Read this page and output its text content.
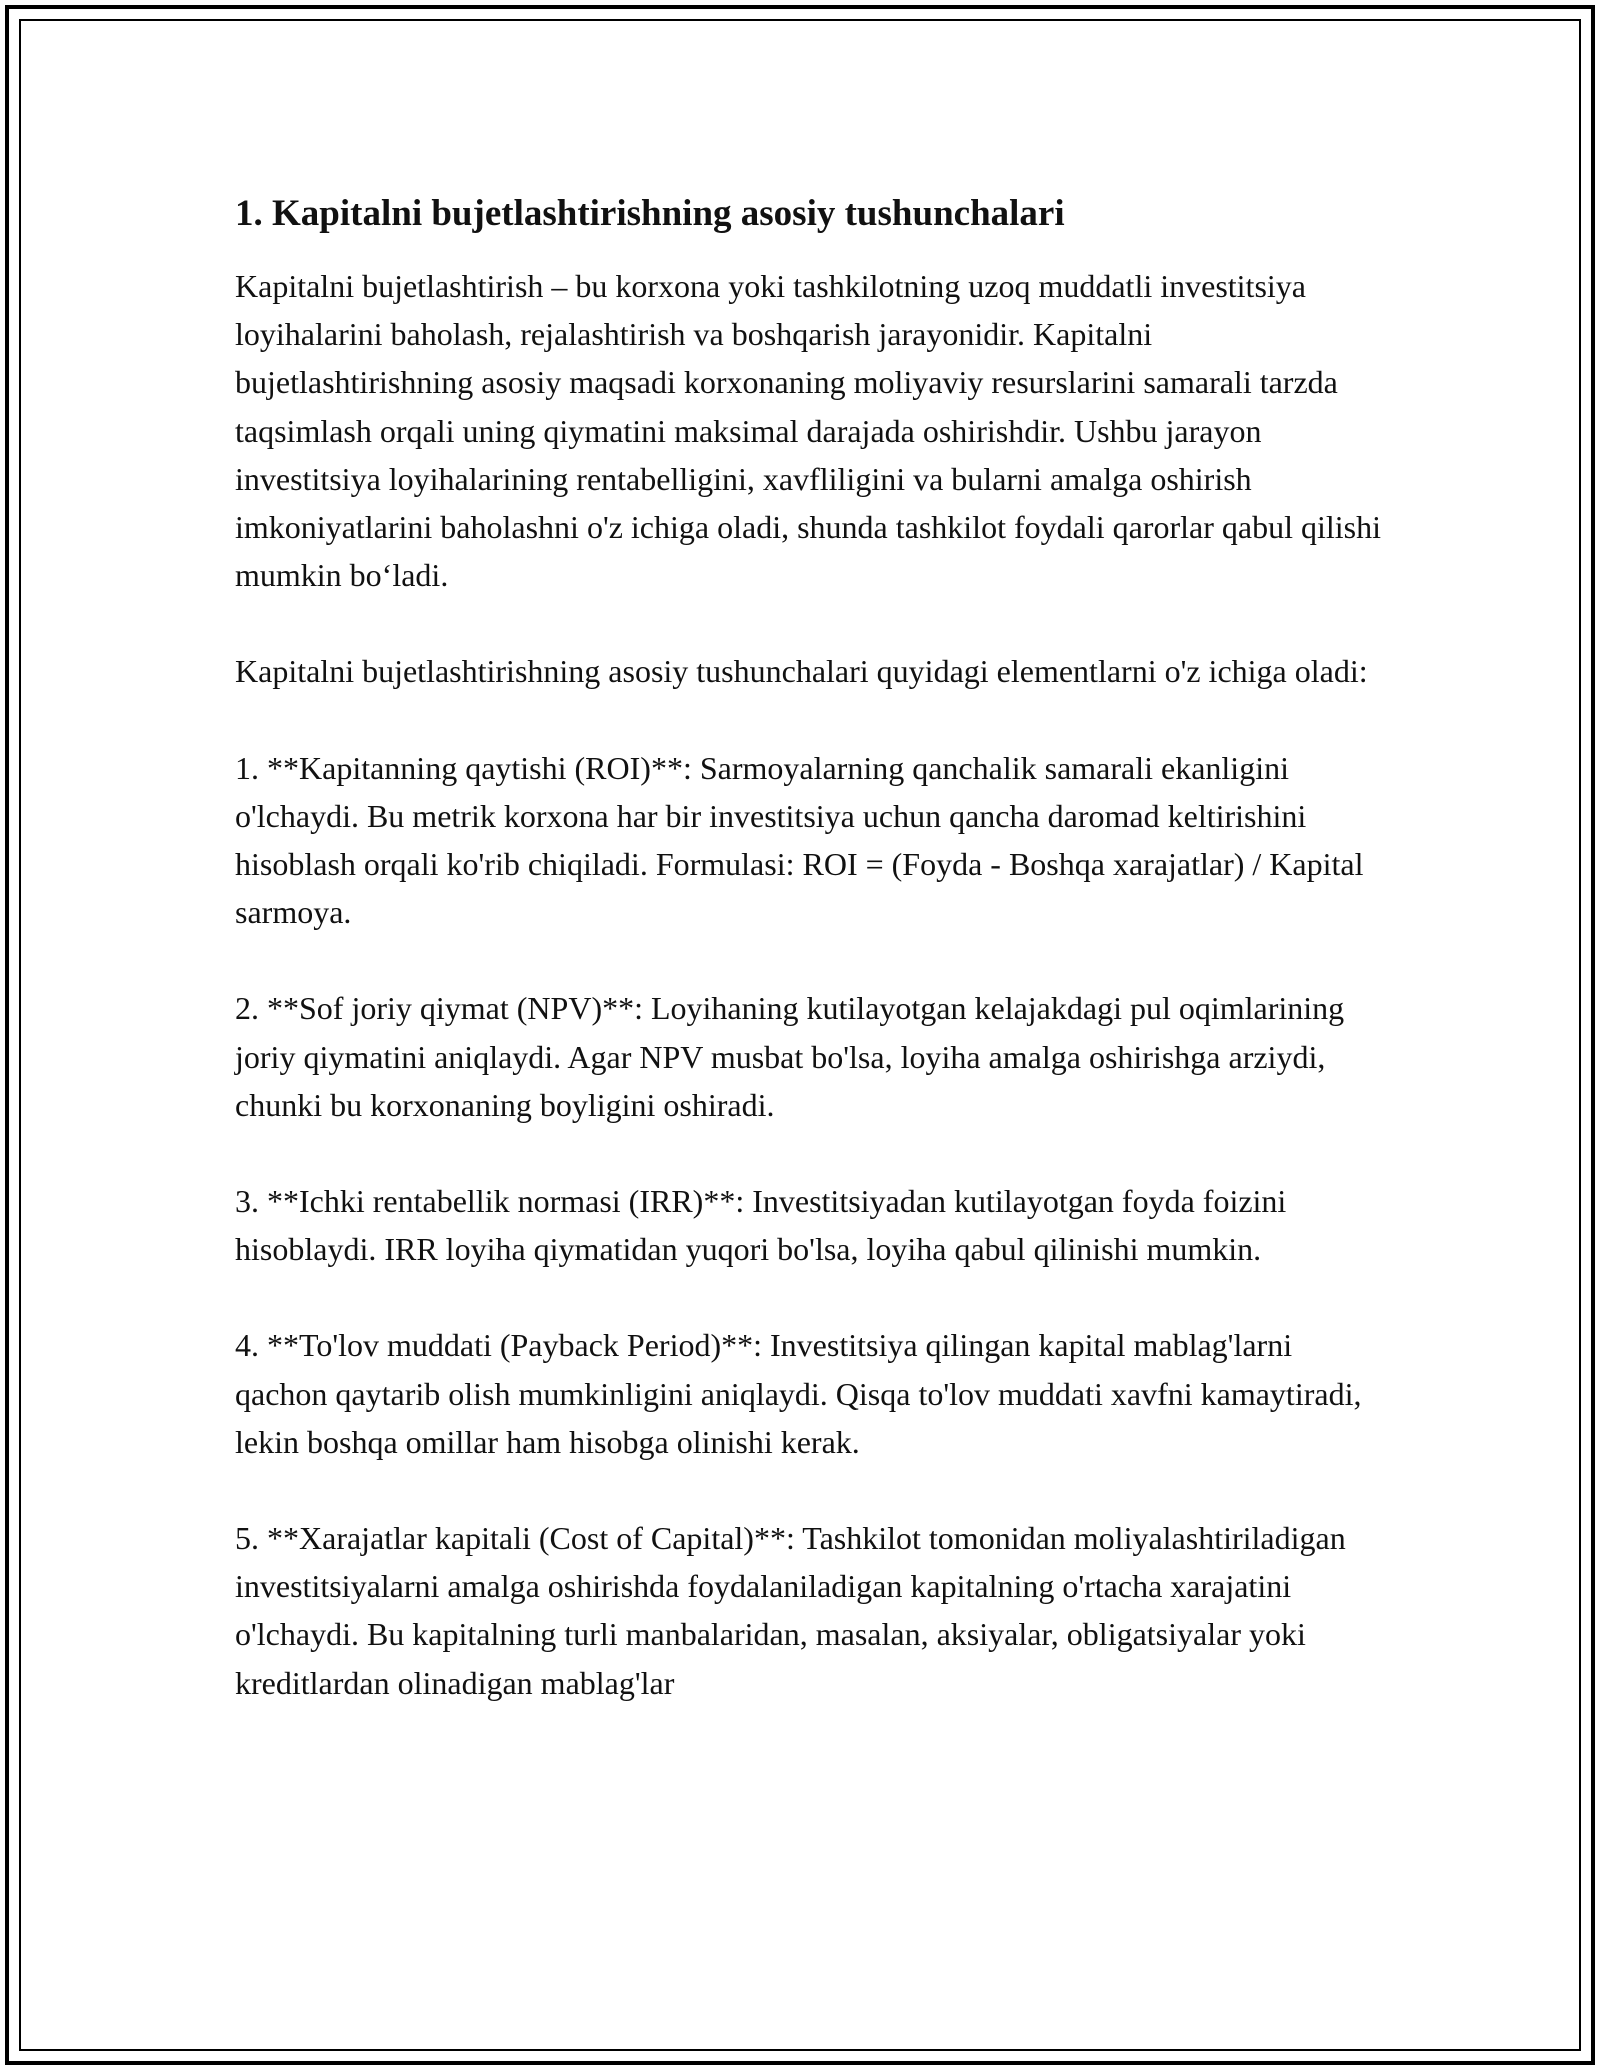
1. Kapitalni bujetlashtirishning asosiy tushunchalari

Kapitalni bujetlashtirish – bu korxona yoki tashkilotning uzoq muddatli investitsiya loyihalarini baholash, rejalashtirish va boshqarish jarayonidir. Kapitalni bujetlashtirishning asosiy maqsadi korxonaning moliyaviy resurslarini samarali tarzda taqsimlash orqali uning qiymatini maksimal darajada oshirishdir. Ushbu jarayon investitsiya loyihalarining rentabelligini, xavfliligini va bularni amalga oshirish imkoniyatlarini baholashni o'z ichiga oladi, shunda tashkilot foydali qarorlar qabul qilishi mumkin bo‘ladi.

Kapitalni bujetlashtirishning asosiy tushunchalari quyidagi elementlarni o'z ichiga oladi:

1. **Kapitanning qaytishi (ROI)**: Sarmoyalarning qanchalik samarali ekanligini o'lchaydi. Bu metrik korxona har bir investitsiya uchun qancha daromad keltirishini hisoblash orqali ko'rib chiqiladi. Formulasi: ROI = (Foyda - Boshqa xarajatlar) / Kapital sarmoya.

2. **Sof joriy qiymat (NPV)**: Loyihaning kutilayotgan kelajakdagi pul oqimlarining joriy qiymatini aniqlaydi. Agar NPV musbat bo'lsa, loyiha amalga oshirishga arziydi, chunki bu korxonaning boyligini oshiradi.

3. **Ichki rentabellik normasi (IRR)**: Investitsiyadan kutilayotgan foyda foizini hisoblaydi. IRR loyiha qiymatidan yuqori bo'lsa, loyiha qabul qilinishi mumkin.

4. **To'lov muddati (Payback Period)**: Investitsiya qilingan kapital mablag'larni qachon qaytarib olish mumkinligini aniqlaydi. Qisqa to'lov muddati xavfni kamaytiradi, lekin boshqa omillar ham hisobga olinishi kerak.

5. **Xarajatlar kapitali (Cost of Capital)**: Tashkilot tomonidan moliyalashtiriladigan investitsiyalarni amalga oshirishda foydalaniladigan kapitalning o'rtacha xarajatini o'lchaydi. Bu kapitalning turli manbalaridan, masalan, aksiyalar, obligatsiyalar yoki kreditlardan olinadigan mablag'lar
